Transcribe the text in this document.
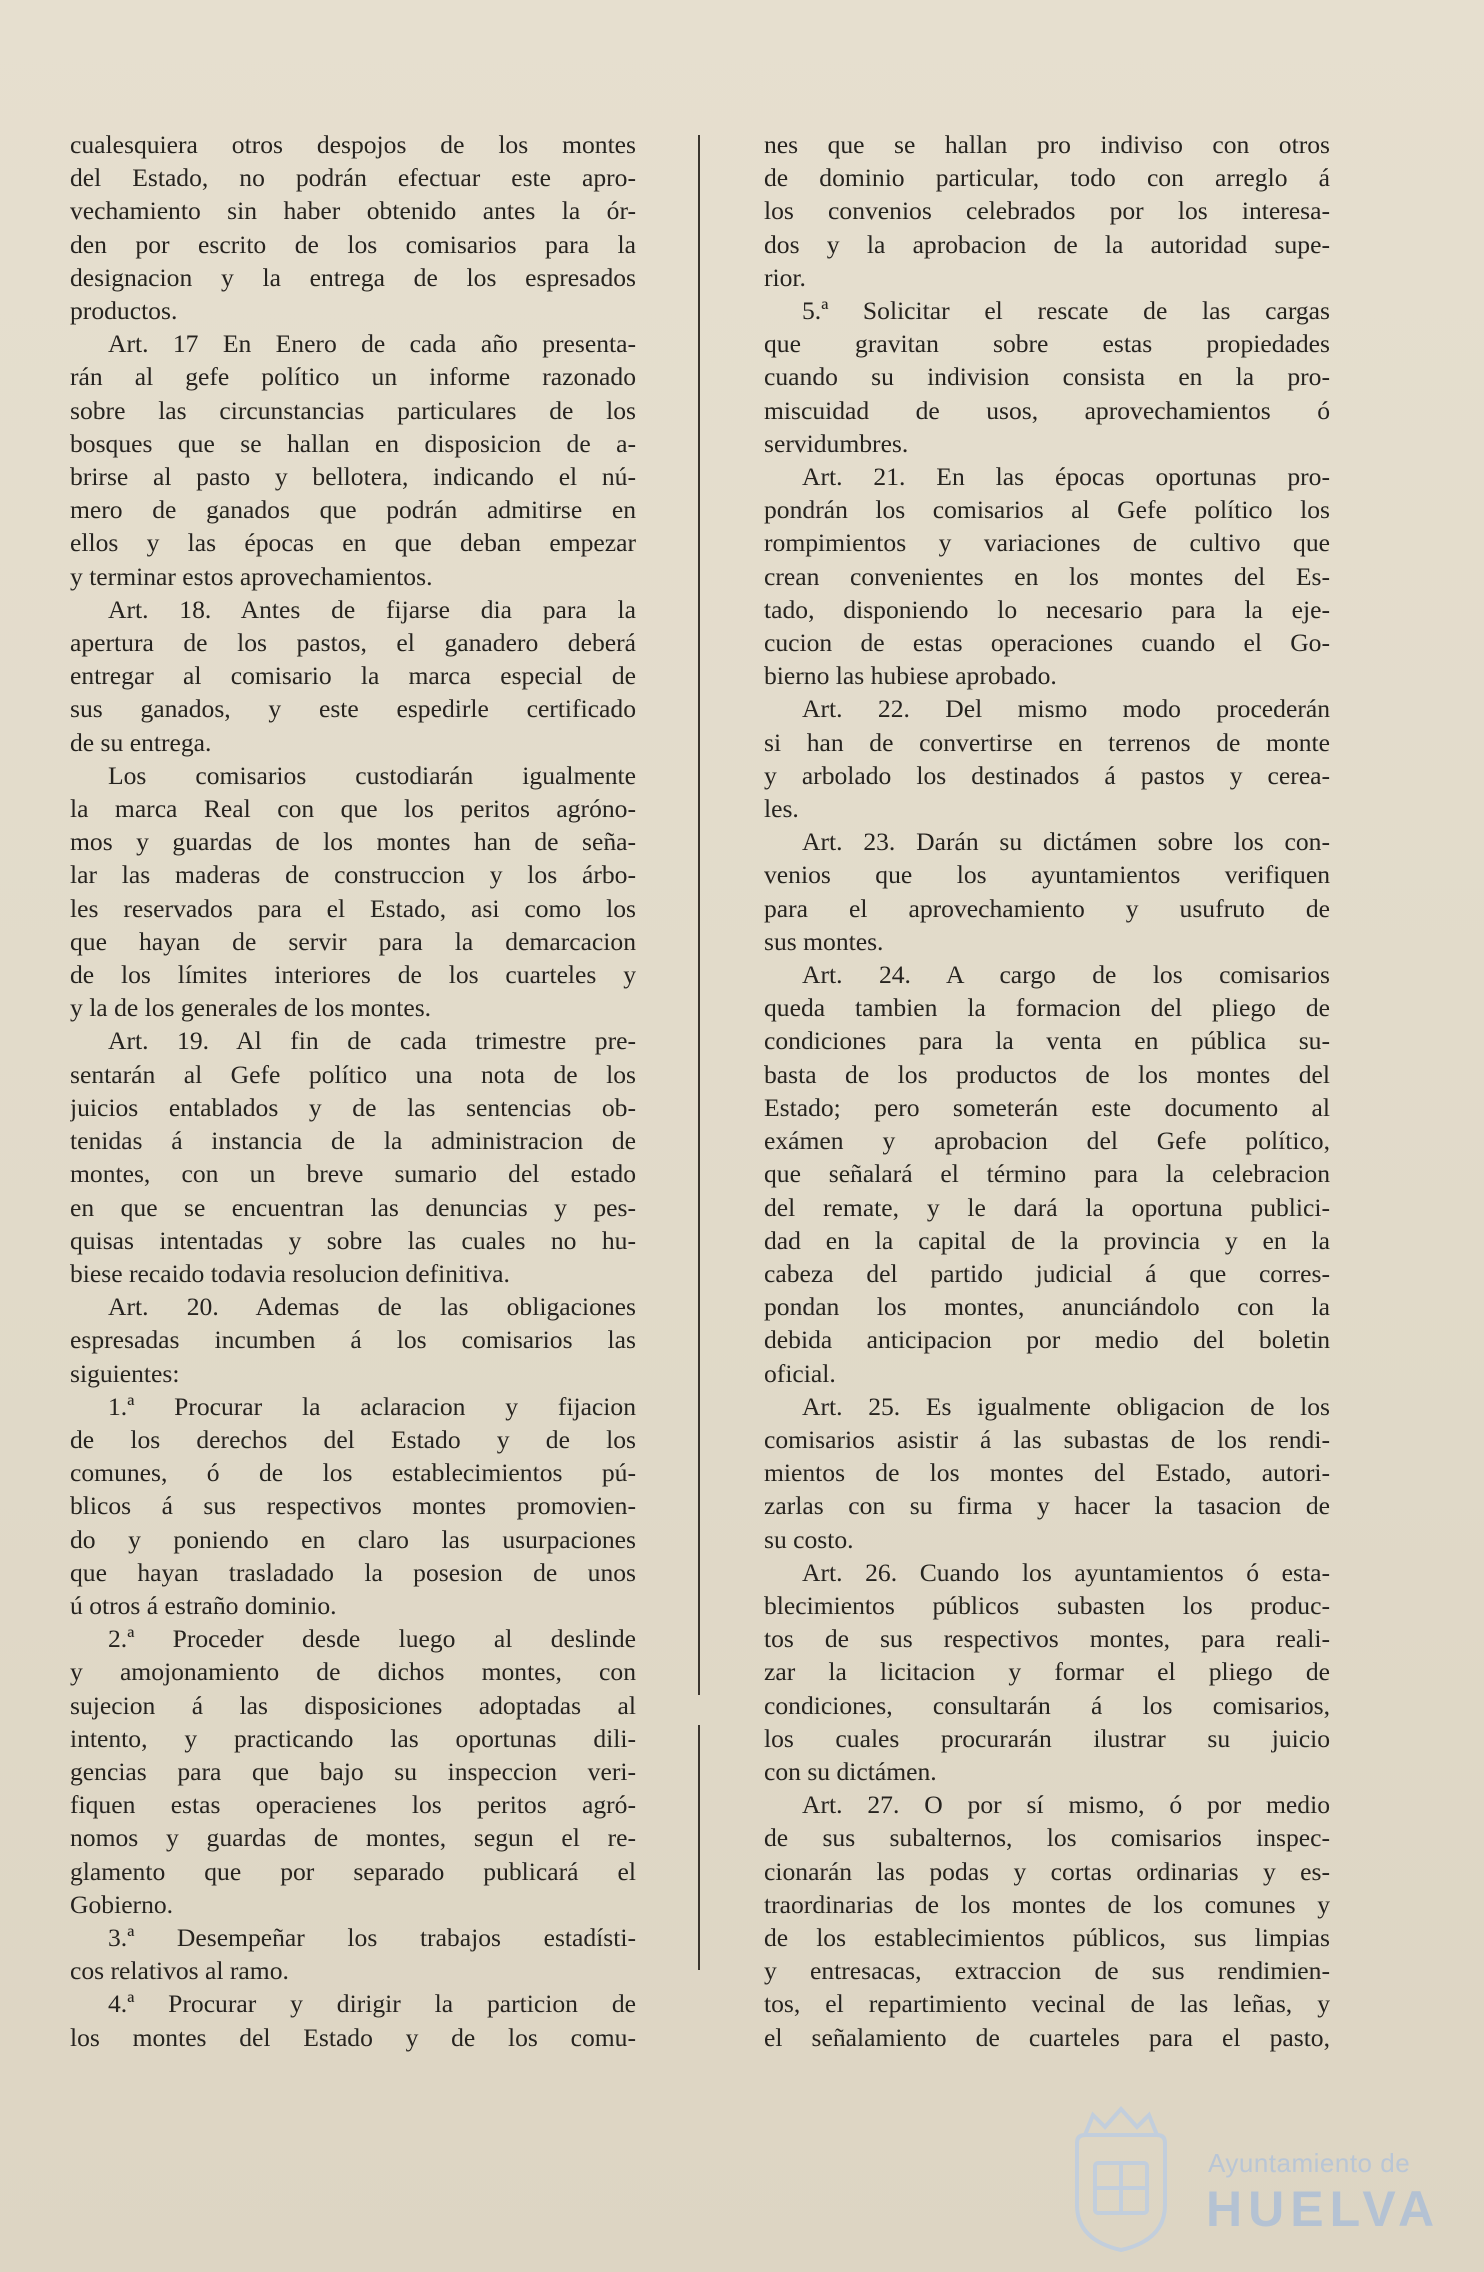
cualesquiera otros despojos de los montes

del Estado, no podrán efectuar este apro-

vechamiento sin haber obtenido antes la ór-

den por escrito de los comisarios para la

designacion y la entrega de los espresados

productos.

Art. 17 En Enero de cada año presenta-

rán al gefe político un informe razonado

sobre las circunstancias particulares de los

bosques que se hallan en disposicion de a-

brirse al pasto y bellotera, indicando el nú-

mero de ganados que podrán admitirse en

ellos y las épocas en que deban empezar

y terminar estos aprovechamientos.

Art. 18. Antes de fijarse dia para la

apertura de los pastos, el ganadero deberá

entregar al comisario la marca especial de

sus ganados, y este espedirle certificado

de su entrega.

Los comisarios custodiarán igualmente

la marca Real con que los peritos agróno-

mos y guardas de los montes han de seña-

lar las maderas de construccion y los árbo-

les reservados para el Estado, asi como los

que hayan de servir para la demarcacion

de los límites interiores de los cuarteles y

y la de los generales de los montes.

Art. 19. Al fin de cada trimestre pre-

sentarán al Gefe político una nota de los

juicios entablados y de las sentencias ob-

tenidas á instancia de la administracion de

montes, con un breve sumario del estado

en que se encuentran las denuncias y pes-

quisas intentadas y sobre las cuales no hu-

biese recaido todavia resolucion definitiva.

Art. 20. Ademas de las obligaciones

espresadas incumben á los comisarios las

siguientes:

1.ª Procurar la aclaracion y fijacion

de los derechos del Estado y de los

comunes, ó de los establecimientos pú-

blicos á sus respectivos montes promovien-

do y poniendo en claro las usurpaciones

que hayan trasladado la posesion de unos

ú otros á estraño dominio.

2.ª Proceder desde luego al deslinde

y amojonamiento de dichos montes, con

sujecion á las disposiciones adoptadas al

intento, y practicando las oportunas dili-

gencias para que bajo su inspeccion veri-

fiquen estas operacienes los peritos agró-

nomos y guardas de montes, segun el re-

glamento que por separado publicará el

Gobierno.

3.ª Desempeñar los trabajos estadísti-

cos relativos al ramo.

4.ª Procurar y dirigir la particion de

los montes del Estado y de los comu-

nes que se hallan pro indiviso con otros

de dominio particular, todo con arreglo á

los convenios celebrados por los interesa-

dos y la aprobacion de la autoridad supe-

rior.

5.ª Solicitar el rescate de las cargas

que gravitan sobre estas propiedades

cuando su indivision consista en la pro-

miscuidad de usos, aprovechamientos ó

servidumbres.

Art. 21. En las épocas oportunas pro-

pondrán los comisarios al Gefe político los

rompimientos y variaciones de cultivo que

crean convenientes en los montes del Es-

tado, disponiendo lo necesario para la eje-

cucion de estas operaciones cuando el Go-

bierno las hubiese aprobado.

Art. 22. Del mismo modo procederán

si han de convertirse en terrenos de monte

y arbolado los destinados á pastos y cerea-

les.

Art. 23. Darán su dictámen sobre los con-

venios que los ayuntamientos verifiquen

para el aprovechamiento y usufruto de

sus montes.

Art. 24. A cargo de los comisarios

queda tambien la formacion del pliego de

condiciones para la venta en pública su-

basta de los productos de los montes del

Estado; pero someterán este documento al

exámen y aprobacion del Gefe político,

que señalará el término para la celebracion

del remate, y le dará la oportuna publici-

dad en la capital de la provincia y en la

cabeza del partido judicial á que corres-

pondan los montes, anunciándolo con la

debida anticipacion por medio del boletin

oficial.

Art. 25. Es igualmente obligacion de los

comisarios asistir á las subastas de los rendi-

mientos de los montes del Estado, autori-

zarlas con su firma y hacer la tasacion de

su costo.

Art. 26. Cuando los ayuntamientos ó esta-

blecimientos públicos subasten los produc-

tos de sus respectivos montes, para reali-

zar la licitacion y formar el pliego de

condiciones, consultarán á los comisarios,

los cuales procurarán ilustrar su juicio

con su dictámen.

Art. 27. O por sí mismo, ó por medio

de sus subalternos, los comisarios inspec-

cionarán las podas y cortas ordinarias y es-

traordinarias de los montes de los comunes y

de los establecimientos públicos, sus limpias

y entresacas, extraccion de sus rendimien-

tos, el repartimiento vecinal de las leñas, y

el señalamiento de cuarteles para el pasto,

Ayuntamiento de
HUELVA
